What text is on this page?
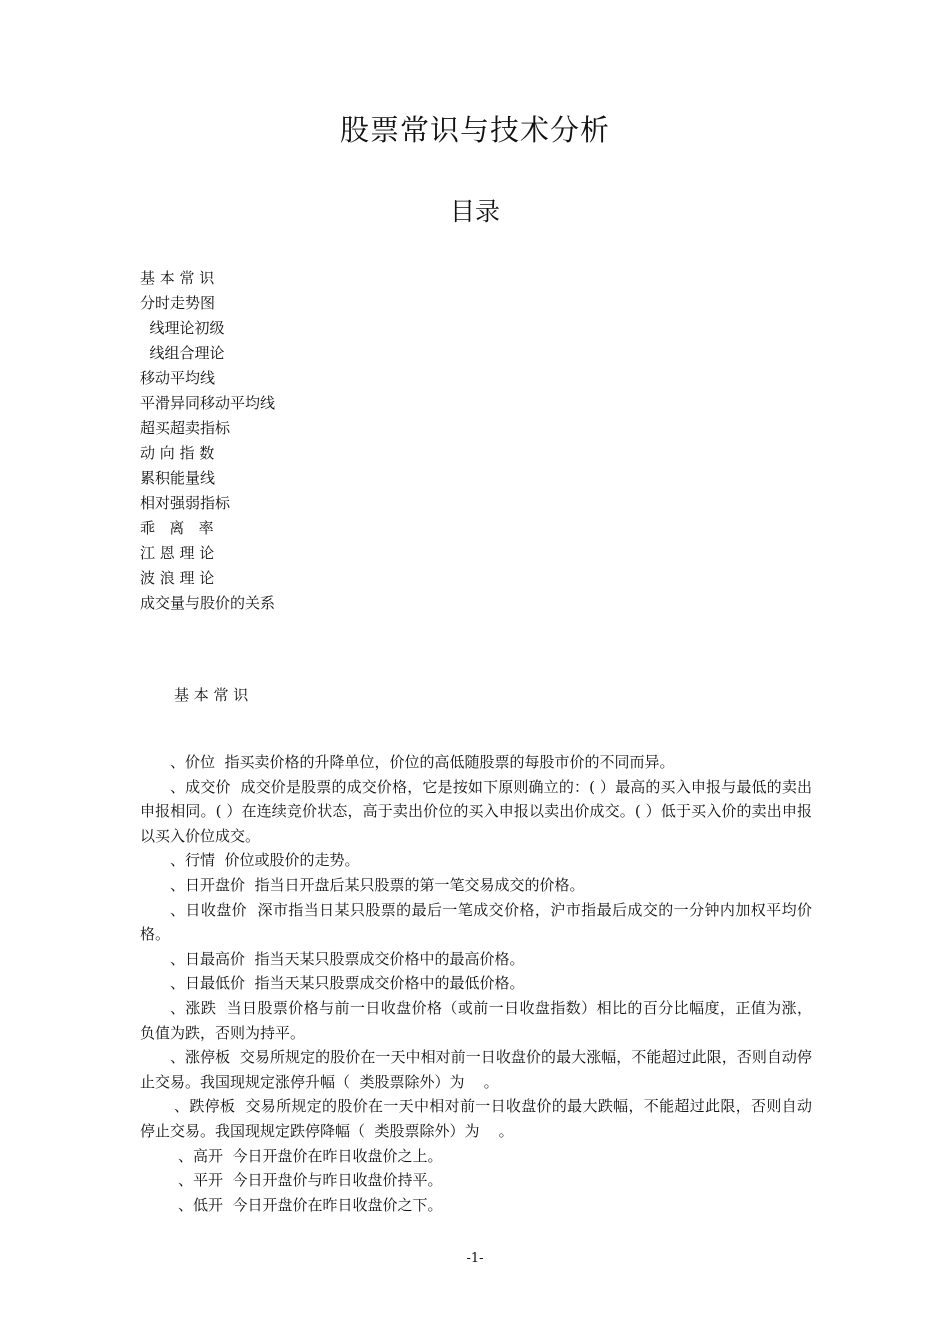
股票常识与技术分析
目录
基 本 常 识
分时走势图
线理论初级
线组合理论
移动平均线
平滑异同移动平均线
超买超卖指标
动 向 指 数
累积能量线
相对强弱指标
乖   离   率
江 恩 理 论
波 浪 理 论
成交量与股价的关系
基 本 常 识

、价位  指买卖价格的升降单位，价位的高低随股票的每股市价的不同而异。

、成交价  成交价是股票的成交价格，它是按如下原则确立的：( ）最高的买入申报与最低的卖出申报相同。( ）在连续竞价状态，高于卖出价位的买入申报以卖出价成交。( ）低于买入价的卖出申报以买入价位成交。

、行情  价位或股价的走势。

、日开盘价  指当日开盘后某只股票的第一笔交易成交的价格。

、日收盘价  深市指当日某只股票的最后一笔成交价格，沪市指最后成交的一分钟内加权平均价格。

、日最高价  指当天某只股票成交价格中的最高价格。

、日最低价  指当天某只股票成交价格中的最低价格。

、涨跌  当日股票价格与前一日收盘价格（或前一日收盘指数）相比的百分比幅度，正值为涨， 负值为跌，否则为持平。

、涨停板  交易所规定的股价在一天中相对前一日收盘价的最大涨幅，不能超过此限，否则自动停止交易。我国现规定涨停升幅（  类股票除外）为    。

、跌停板  交易所规定的股价在一天中相对前一日收盘价的最大跌幅，不能超过此限，否则自动停止交易。我国现规定跌停降幅（  类股票除外）为    。

、高开  今日开盘价在昨日收盘价之上。

、平开  今日开盘价与昨日收盘价持平。

、低开  今日开盘价在昨日收盘价之下。

-1-
